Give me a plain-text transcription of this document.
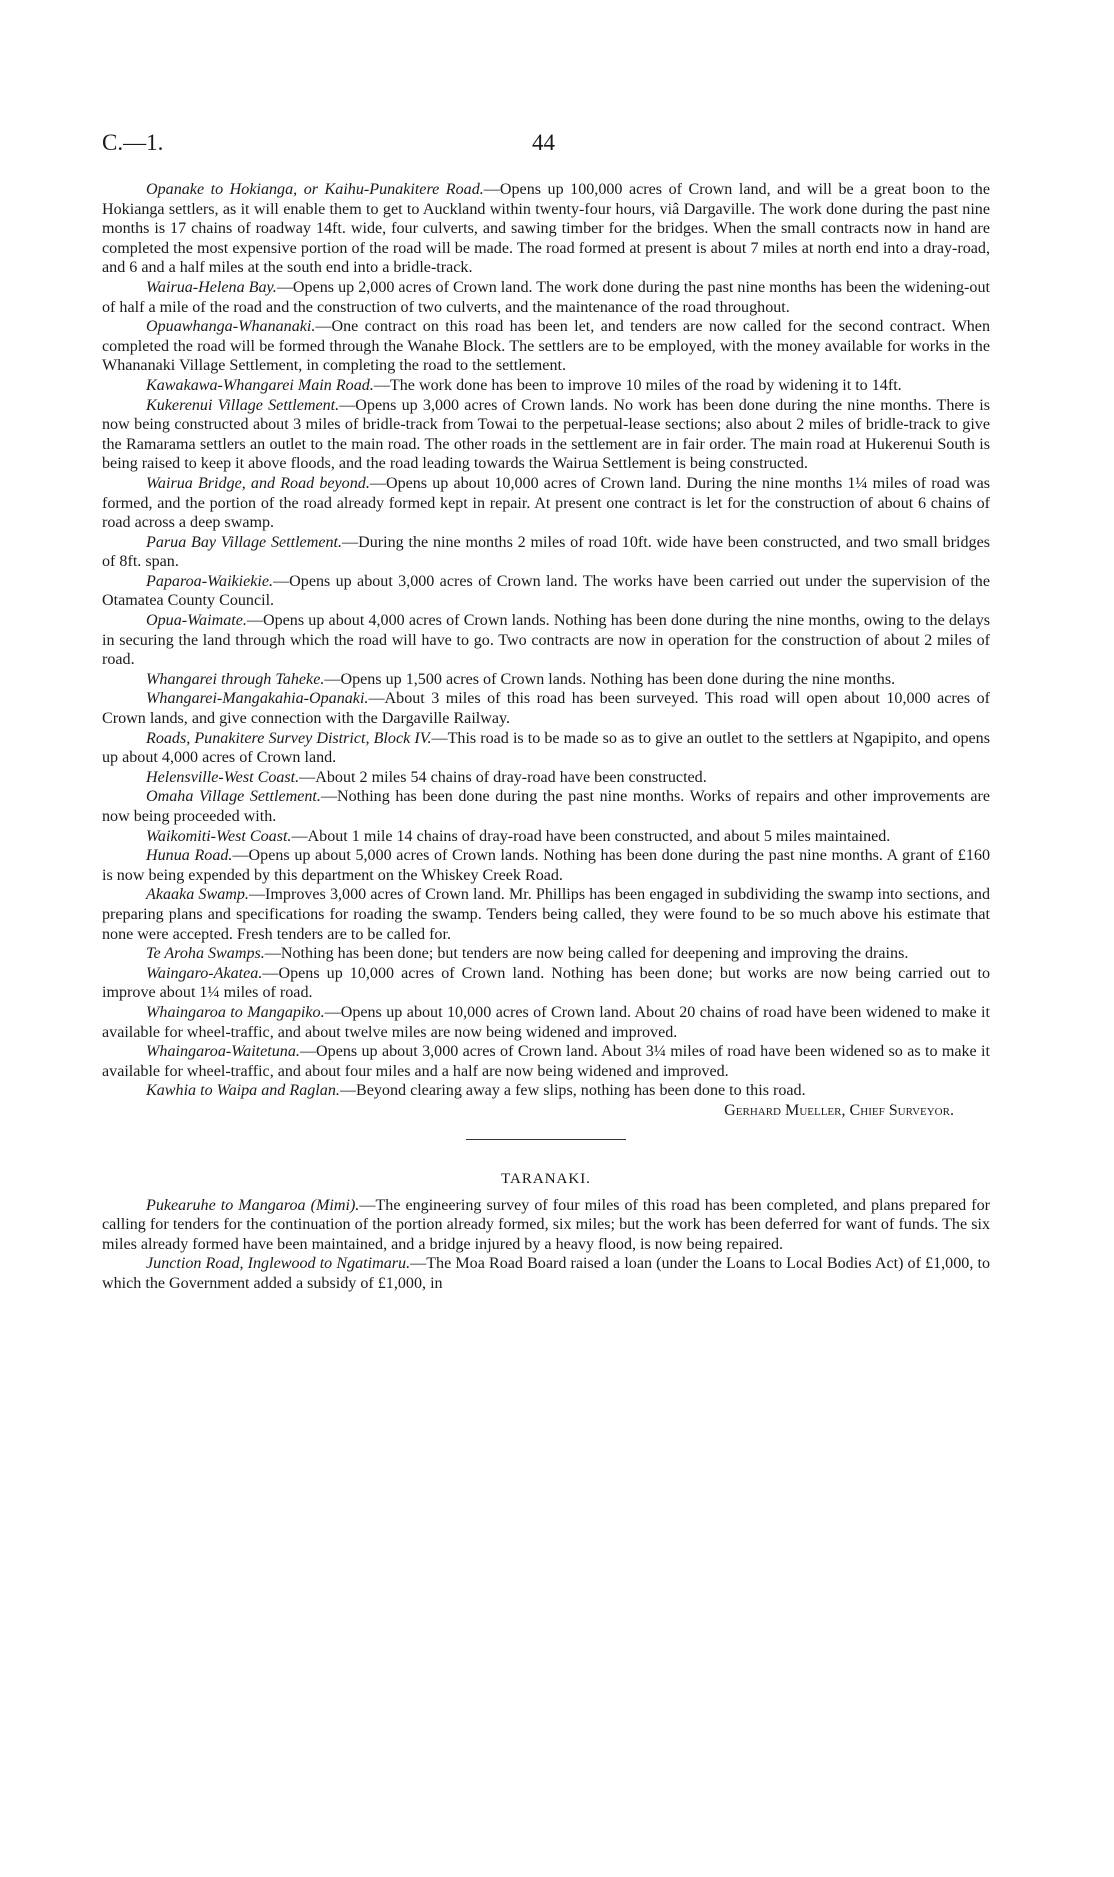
C.—1.	44

Opanake to Hokianga, or Kaihu-Punakitere Road.—Opens up 100,000 acres of Crown land, and will be a great boon to the Hokianga settlers, as it will enable them to get to Auckland within twenty-four hours, viâ Dargaville. The work done during the past nine months is 17 chains of roadway 14ft. wide, four culverts, and sawing timber for the bridges. When the small contracts now in hand are completed the most expensive portion of the road will be made. The road formed at present is about 7 miles at north end into a dray-road, and 6 and a half miles at the south end into a bridle-track.

Wairua-Helena Bay.—Opens up 2,000 acres of Crown land. The work done during the past nine months has been the widening-out of half a mile of the road and the construction of two culverts, and the maintenance of the road throughout.

Opuawhanga-Whananaki.—One contract on this road has been let, and tenders are now called for the second contract. When completed the road will be formed through the Wanahe Block. The settlers are to be employed, with the money available for works in the Whananaki Village Settlement, in completing the road to the settlement.

Kawakawa-Whangarei Main Road.—The work done has been to improve 10 miles of the road by widening it to 14ft.

Kukerenui Village Settlement.—Opens up 3,000 acres of Crown lands. No work has been done during the nine months. There is now being constructed about 3 miles of bridle-track from Towai to the perpetual-lease sections; also about 2 miles of bridle-track to give the Ramarama settlers an outlet to the main road. The other roads in the settlement are in fair order. The main road at Hukerenui South is being raised to keep it above floods, and the road leading towards the Wairua Settlement is being constructed.

Wairua Bridge, and Road beyond.—Opens up about 10,000 acres of Crown land. During the nine months 1¼ miles of road was formed, and the portion of the road already formed kept in repair. At present one contract is let for the construction of about 6 chains of road across a deep swamp.

Parua Bay Village Settlement.—During the nine months 2 miles of road 10ft. wide have been constructed, and two small bridges of 8ft. span.

Paparoa-Waikiekie.—Opens up about 3,000 acres of Crown land. The works have been carried out under the supervision of the Otamatea County Council.

Opua-Waimate.—Opens up about 4,000 acres of Crown lands. Nothing has been done during the nine months, owing to the delays in securing the land through which the road will have to go. Two contracts are now in operation for the construction of about 2 miles of road.

Whangarei through Taheke.—Opens up 1,500 acres of Crown lands. Nothing has been done during the nine months.

Whangarei-Mangakahia-Opanaki.—About 3 miles of this road has been surveyed. This road will open about 10,000 acres of Crown lands, and give connection with the Dargaville Railway.

Roads, Punakitere Survey District, Block IV.—This road is to be made so as to give an outlet to the settlers at Ngapipito, and opens up about 4,000 acres of Crown land.

Helensville-West Coast.—About 2 miles 54 chains of dray-road have been constructed.

Omaha Village Settlement.—Nothing has been done during the past nine months. Works of repairs and other improvements are now being proceeded with.

Waikomiti-West Coast.—About 1 mile 14 chains of dray-road have been constructed, and about 5 miles maintained.

Hunua Road.—Opens up about 5,000 acres of Crown lands. Nothing has been done during the past nine months. A grant of £160 is now being expended by this department on the Whiskey Creek Road.

Akaaka Swamp.—Improves 3,000 acres of Crown land. Mr. Phillips has been engaged in subdividing the swamp into sections, and preparing plans and specifications for roading the swamp. Tenders being called, they were found to be so much above his estimate that none were accepted. Fresh tenders are to be called for.

Te Aroha Swamps.—Nothing has been done; but tenders are now being called for deepening and improving the drains.

Waingaro-Akatea.—Opens up 10,000 acres of Crown land. Nothing has been done; but works are now being carried out to improve about 1¼ miles of road.

Whaingaroa to Mangapiko.—Opens up about 10,000 acres of Crown land. About 20 chains of road have been widened to make it available for wheel-traffic, and about twelve miles are now being widened and improved.

Whaingaroa-Waitetuna.—Opens up about 3,000 acres of Crown land. About 3¼ miles of road have been widened so as to make it available for wheel-traffic, and about four miles and a half are now being widened and improved.

Kawhia to Waipa and Raglan.—Beyond clearing away a few slips, nothing has been done to this road.
Gerhard Mueller, Chief Surveyor.

TARANAKI.

Pukearuhe to Mangaroa (Mimi).—The engineering survey of four miles of this road has been completed, and plans prepared for calling for tenders for the continuation of the portion already formed, six miles; but the work has been deferred for want of funds. The six miles already formed have been maintained, and a bridge injured by a heavy flood, is now being repaired.

Junction Road, Inglewood to Ngatimaru.—The Moa Road Board raised a loan (under the Loans to Local Bodies Act) of £1,000, to which the Government added a subsidy of £1,000, in
